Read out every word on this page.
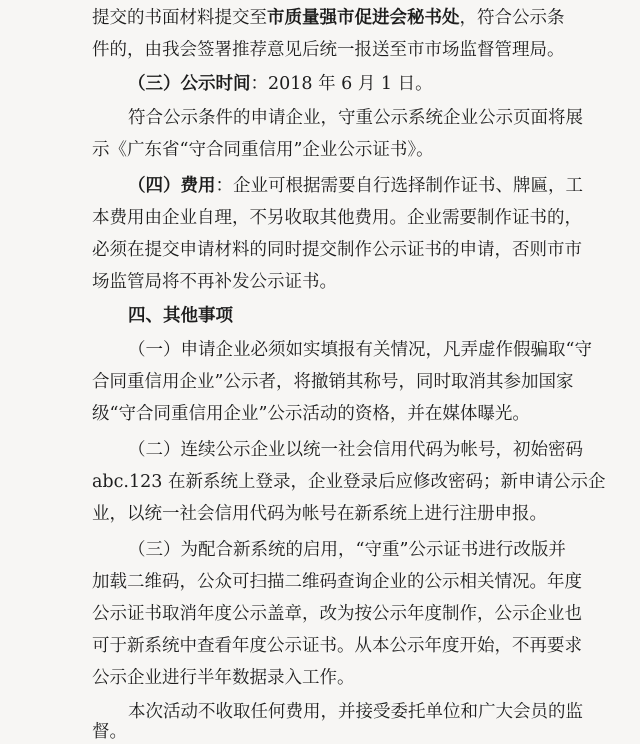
提交的书面材料提交至市质量强市促进会秘书处，符合公示条
件的，由我会签署推荐意见后统一报送至市市场监督管理局。
（三）公示时间：2018 年 6 月 1 日。
符合公示条件的申请企业，守重公示系统企业公示页面将展
示《广东省“守合同重信用”企业公示证书》。
（四）费用：企业可根据需要自行选择制作证书、牌匾，工
本费用由企业自理，不另收取其他费用。企业需要制作证书的，
必须在提交申请材料的同时提交制作公示证书的申请，否则市市
场监管局将不再补发公示证书。
四、其他事项
（一）申请企业必须如实填报有关情况，凡弄虚作假骗取“守
合同重信用企业”公示者，将撤销其称号，同时取消其参加国家
级“守合同重信用企业”公示活动的资格，并在媒体曝光。
（二）连续公示企业以统一社会信用代码为帐号，初始密码
abc.123 在新系统上登录，企业登录后应修改密码；新申请公示企
业，以统一社会信用代码为帐号在新系统上进行注册申报。
（三）为配合新系统的启用，“守重”公示证书进行改版并
加载二维码，公众可扫描二维码查询企业的公示相关情况。年度
公示证书取消年度公示盖章，改为按公示年度制作，公示企业也
可于新系统中查看年度公示证书。从本公示年度开始，不再要求
公示企业进行半年数据录入工作。
本次活动不收取任何费用，并接受委托单位和广大会员的监
督。
